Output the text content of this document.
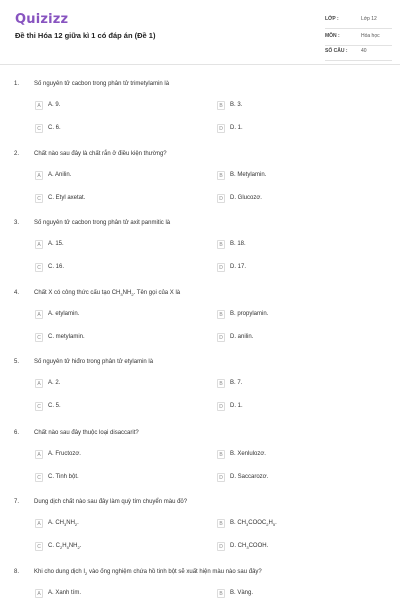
Quizizz
Đề thi Hóa 12 giữa kì 1 có đáp án (Đề 1)
LỚP :	Lớp 12
MÔN :	Hóa học
SỐ CÂU :	40
1. Số nguyên tử cacbon trong phân tử trimetylamin là
A	A. 9.	B	B. 3.
C	C. 6.	D	D. 1.
2. Chất nào sau đây là chất rắn ở điều kiện thường?
A	A. Anilin.	B	B. Metylamin.
C	C. Etyl axetat.	D	D. Glucozơ.
3. Số nguyên tử cacbon trong phân tử axit panmitic là
A	A. 15.	B	B. 18.
C	C. 16.	D	D. 17.
4. Chất X có công thức cấu tạo $CH_3NH_2$. Tên gọi của X là
A	A. etylamin.	B	B. propylamin.
C	C. metylamin.	D	D. anilin.
5. Số nguyên tử hiđro trong phân tử etylamin là
A	A. 2.	B	B. 7.
C	C. 5.	D	D. 1.
6. Chất nào sau đây thuộc loại disaccarit?
A	A. Fructozơ.	B	B. Xenlulozơ.
C	C. Tinh bột.	D	D. Saccarozơ.
7. Dung dịch chất nào sau đây làm quỳ tím chuyển màu đỏ?
A	A. $CH_3NH_2$.	B	B. $CH_3COOC_2H_5$.
C	C. $C_2H_5NH_2$.	D	D. $CH_3COOH$.
8. Khi cho dung dịch $I_2$ vào ống nghiệm chứa hồ tinh bột sẽ xuất hiện màu nào sau đây?
A	A. Xanh tím.	B	B. Vàng.
